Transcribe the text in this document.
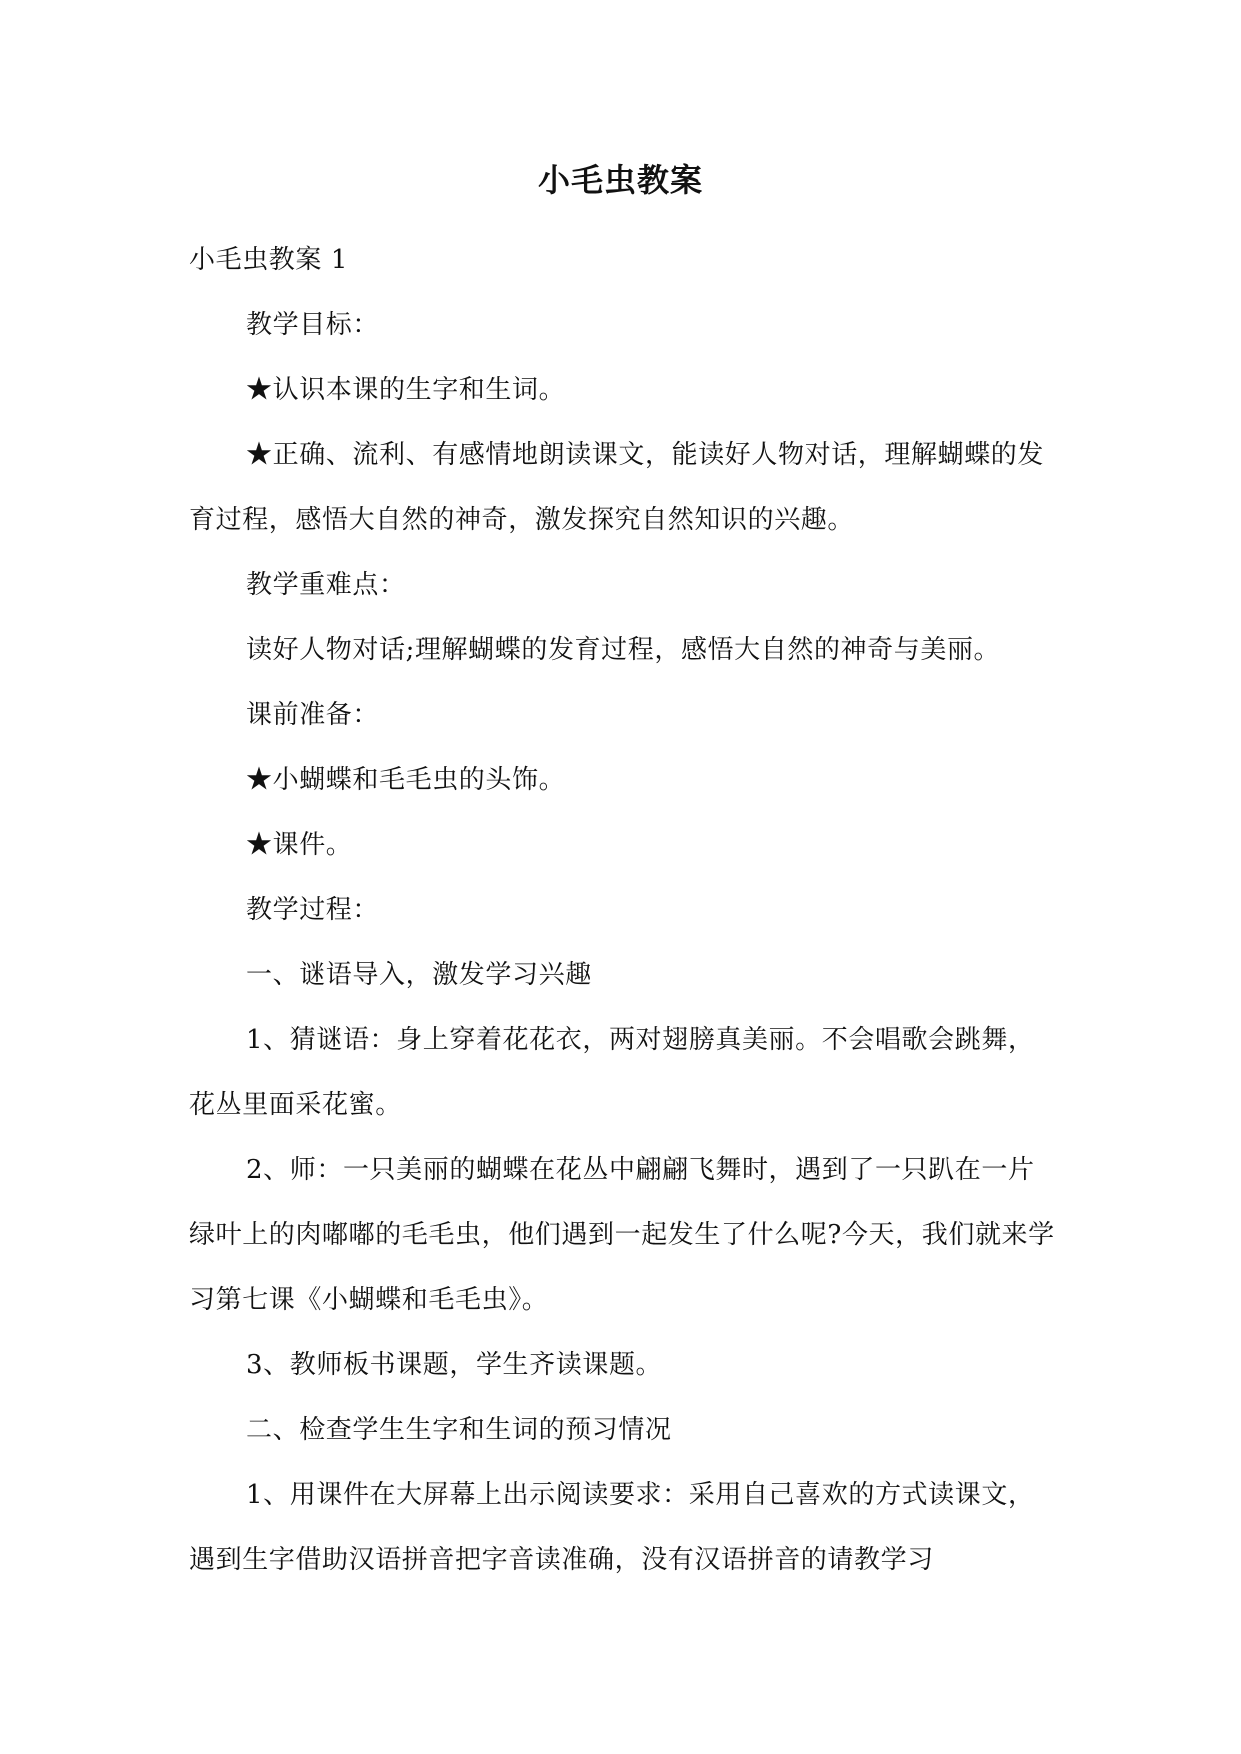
小毛虫教案

小毛虫教案 1

教学目标：

★认识本课的生字和生词。

★正确、流利、有感情地朗读课文，能读好人物对话，理解蝴蝶的发育过程，感悟大自然的神奇，激发探究自然知识的兴趣。

教学重难点：

读好人物对话;理解蝴蝶的发育过程，感悟大自然的神奇与美丽。

课前准备：

★小蝴蝶和毛毛虫的头饰。

★课件。

教学过程：

一、谜语导入，激发学习兴趣

1、猜谜语：身上穿着花花衣，两对翅膀真美丽。不会唱歌会跳舞，花丛里面采花蜜。

2、师：一只美丽的蝴蝶在花丛中翩翩飞舞时，遇到了一只趴在一片绿叶上的肉嘟嘟的毛毛虫，他们遇到一起发生了什么呢?今天，我们就来学习第七课《小蝴蝶和毛毛虫》。

3、教师板书课题，学生齐读课题。

二、检查学生生字和生词的预习情况

1、用课件在大屏幕上出示阅读要求：采用自己喜欢的方式读课文，遇到生字借助汉语拼音把字音读准确，没有汉语拼音的请教学习
